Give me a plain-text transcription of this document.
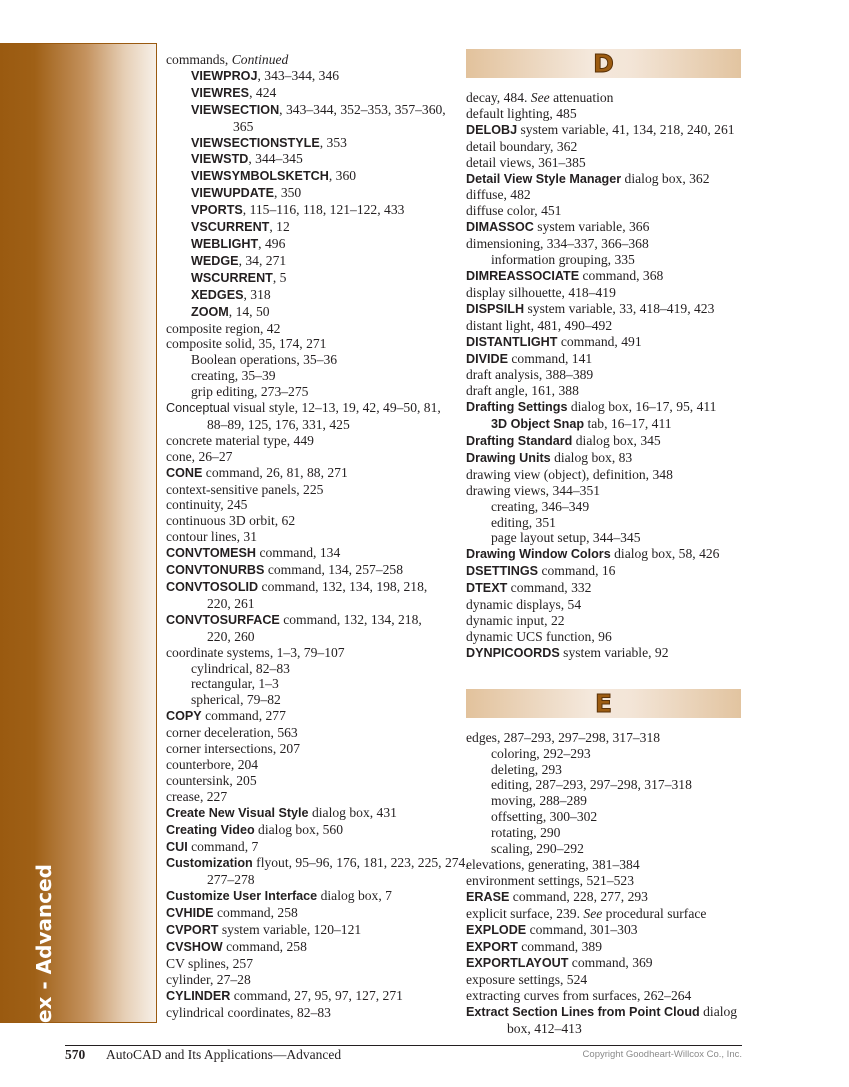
Index - Advanced
commands, Continued
VIEWPROJ, 343–344, 346
VIEWRES, 424
VIEWSECTION, 343–344, 352–353, 357–360,
365
VIEWSECTIONSTYLE, 353
VIEWSTD, 344–345
VIEWSYMBOLSKETCH, 360
VIEWUPDATE, 350
VPORTS, 115–116, 118, 121–122, 433
VSCURRENT, 12
WEBLIGHT, 496
WEDGE, 34, 271
WSCURRENT, 5
XEDGES, 318
ZOOM, 14, 50
composite region, 42
composite solid, 35, 174, 271
Boolean operations, 35–36
creating, 35–39
grip editing, 273–275
Conceptual visual style, 12–13, 19, 42, 49–50, 81,
88–89, 125, 176, 331, 425
concrete material type, 449
cone, 26–27
CONE command, 26, 81, 88, 271
context-sensitive panels, 225
continuity, 245
continuous 3D orbit, 62
contour lines, 31
CONVTOMESH command, 134
CONVTONURBS command, 134, 257–258
CONVTOSOLID command, 132, 134, 198, 218,
220, 261
CONVTOSURFACE command, 132, 134, 218,
220, 260
coordinate systems, 1–3, 79–107
cylindrical, 82–83
rectangular, 1–3
spherical, 79–82
COPY command, 277
corner deceleration, 563
corner intersections, 207
counterbore, 204
countersink, 205
crease, 227
Create New Visual Style dialog box, 431
Creating Video dialog box, 560
CUI command, 7
Customization flyout, 95–96, 176, 181, 223, 225, 274,
277–278
Customize User Interface dialog box, 7
CVHIDE command, 258
CVPORT system variable, 120–121
CVSHOW command, 258
CV splines, 257
cylinder, 27–28
CYLINDER command, 27, 95, 97, 127, 271
cylindrical coordinates, 82–83
D
decay, 484. See attenuation
default lighting, 485
DELOBJ system variable, 41, 134, 218, 240, 261
detail boundary, 362
detail views, 361–385
Detail View Style Manager dialog box, 362
diffuse, 482
diffuse color, 451
DIMASSOC system variable, 366
dimensioning, 334–337, 366–368
information grouping, 335
DIMREASSOCIATE command, 368
display silhouette, 418–419
DISPSILH system variable, 33, 418–419, 423
distant light, 481, 490–492
DISTANTLIGHT command, 491
DIVIDE command, 141
draft analysis, 388–389
draft angle, 161, 388
Drafting Settings dialog box, 16–17, 95, 411
3D Object Snap tab, 16–17, 411
Drafting Standard dialog box, 345
Drawing Units dialog box, 83
drawing view (object), definition, 348
drawing views, 344–351
creating, 346–349
editing, 351
page layout setup, 344–345
Drawing Window Colors dialog box, 58, 426
DSETTINGS command, 16
DTEXT command, 332
dynamic displays, 54
dynamic input, 22
dynamic UCS function, 96
DYNPICOORDS system variable, 92
E
edges, 287–293, 297–298, 317–318
coloring, 292–293
deleting, 293
editing, 287–293, 297–298, 317–318
moving, 288–289
offsetting, 300–302
rotating, 290
scaling, 290–292
elevations, generating, 381–384
environment settings, 521–523
ERASE command, 228, 277, 293
explicit surface, 239. See procedural surface
EXPLODE command, 301–303
EXPORT command, 389
EXPORTLAYOUT command, 369
exposure settings, 524
extracting curves from surfaces, 262–264
Extract Section Lines from Point Cloud dialog
box, 412–413
570 AutoCAD and Its Applications—Advanced	Copyright Goodheart-Willcox Co., Inc.
